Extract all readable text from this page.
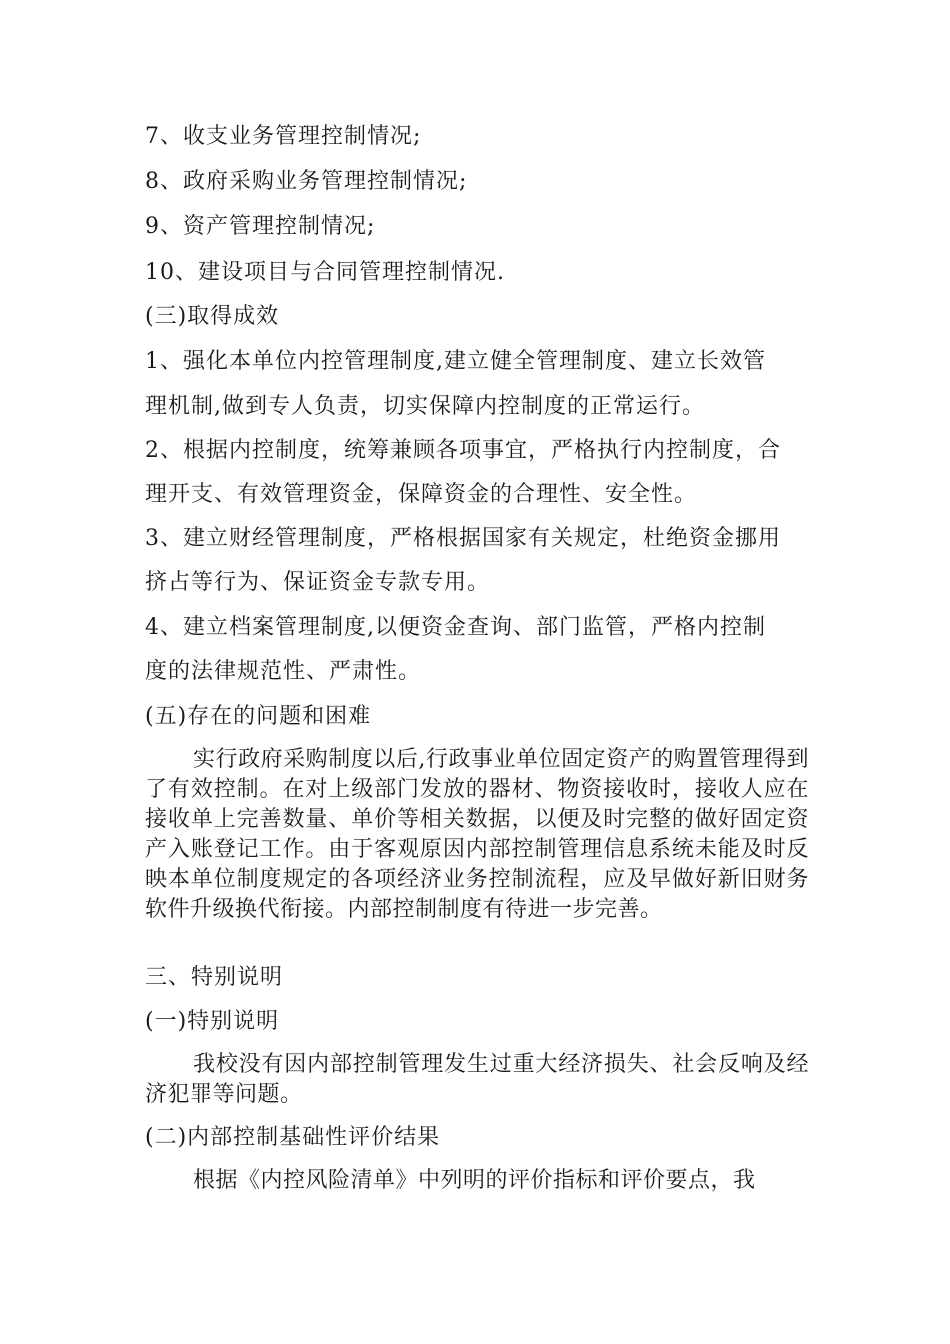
7、收支业务管理控制情况;
8、政府采购业务管理控制情况;
9、资产管理控制情况;
10、建设项目与合同管理控制情况.
(三)取得成效
1、强化本单位内控管理制度,建立健全管理制度、建立长效管
理机制,做到专人负责，切实保障内控制度的正常运行。
2、根据内控制度，统筹兼顾各项事宜，严格执行内控制度，合
理开支、有效管理资金，保障资金的合理性、安全性。
3、建立财经管理制度，严格根据国家有关规定，杜绝资金挪用
挤占等行为、保证资金专款专用。
4、建立档案管理制度,以便资金查询、部门监管，严格内控制
度的法律规范性、严肃性。
(五)存在的问题和困难
实行政府采购制度以后,行政事业单位固定资产的购置管理得到了有效控制。在对上级部门发放的器材、物资接收时，接收人应在接收单上完善数量、单价等相关数据，以便及时完整的做好固定资产入账登记工作。由于客观原因内部控制管理信息系统未能及时反映本单位制度规定的各项经济业务控制流程，应及早做好新旧财务软件升级换代衔接。内部控制制度有待进一步完善。
三、特别说明
(一)特别说明
我校没有因内部控制管理发生过重大经济损失、社会反响及经济犯罪等问题。
(二)内部控制基础性评价结果
根据《内控风险清单》中列明的评价指标和评价要点，我
